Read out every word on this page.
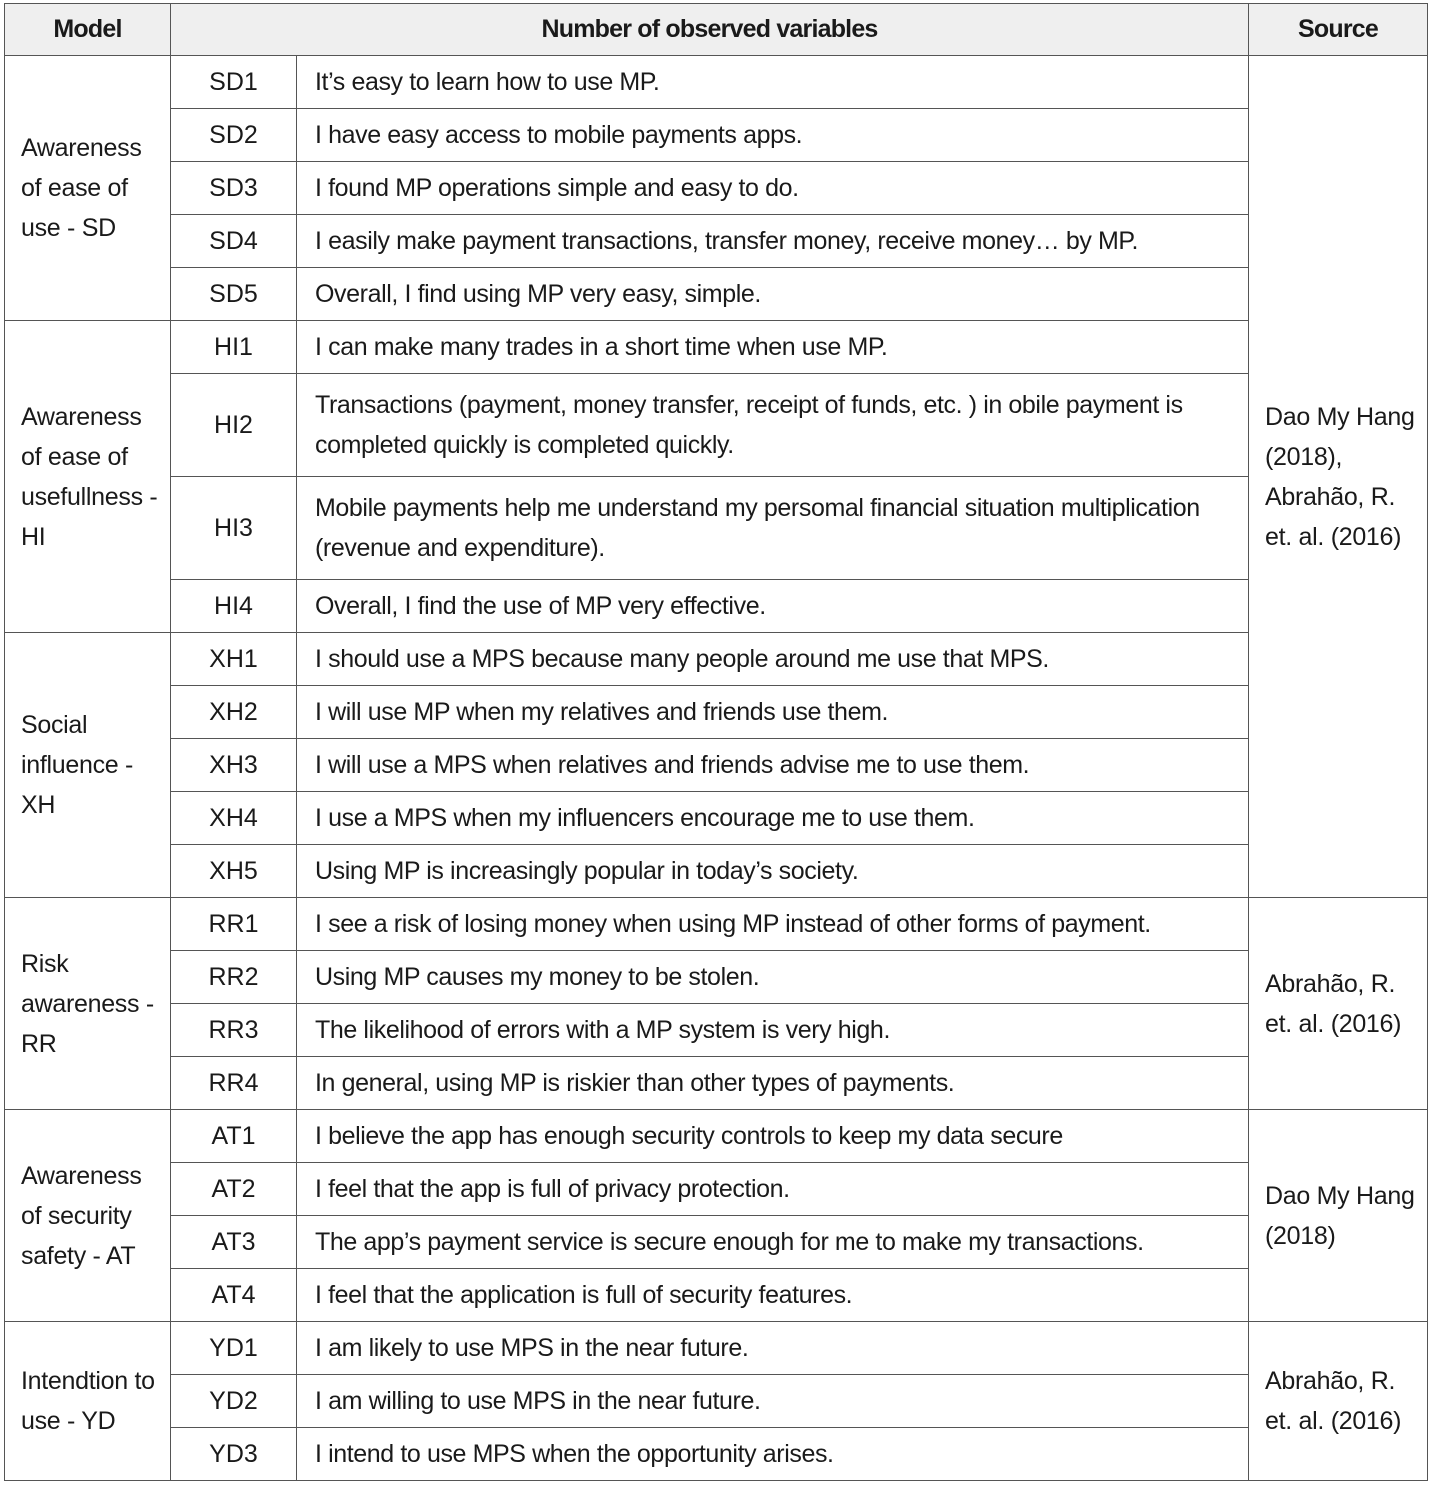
Model	Number of observed variables		Source
Awareness of ease of use - SD	SD1	It’s easy to learn how to use MP.	Dao My Hang (2018), Abrahão, R. et. al. (2016)
	SD2	I have easy access to mobile payments apps.	
	SD3	I found MP operations simple and easy to do.	
	SD4	I easily make payment transactions, transfer money, receive money… by MP.	
	SD5	Overall, I find using MP very easy, simple.	
Awareness of ease of usefullness - HI	HI1	I can make many trades in a short time when use MP.	
	HI2	Transactions (payment, money transfer, receipt of funds, etc. ) in obile payment is completed quickly is completed quickly.	
	HI3	Mobile payments help me understand my persomal financial situation multiplication (revenue and expenditure).	
	HI4	Overall, I find the use of MP very effective.	
Social influence - XH	XH1	I should use a MPS because many people around me use that MPS.	
	XH2	I will use MP when my relatives and friends use them.	
	XH3	I will use a MPS when relatives and friends advise me to use them.	
	XH4	I use a MPS when my influencers encourage me to use them.	
	XH5	Using MP is increasingly popular in today’s society.	
Risk awareness - RR	RR1	I see a risk of losing money when using MP instead of other forms of payment.	Abrahão, R. et. al. (2016)
	RR2	Using MP causes my money to be stolen.	
	RR3	The likelihood of errors with a MP system is very high.	
	RR4	In general, using MP is riskier than other types of payments.	
Awareness of security safety - AT	AT1	I believe the app has enough security controls to keep my data secure	Dao My Hang (2018)
	AT2	I feel that the app is full of privacy protection.	
	AT3	The app’s payment service is secure enough for me to make my transactions.	
	AT4	I feel that the application is full of security features.	
Intendtion to use - YD	YD1	I am likely to use MPS in the near future.	Abrahão, R. et. al. (2016)
	YD2	I am willing to use MPS in the near future.	
	YD3	I intend to use MPS when the opportunity arises.	
